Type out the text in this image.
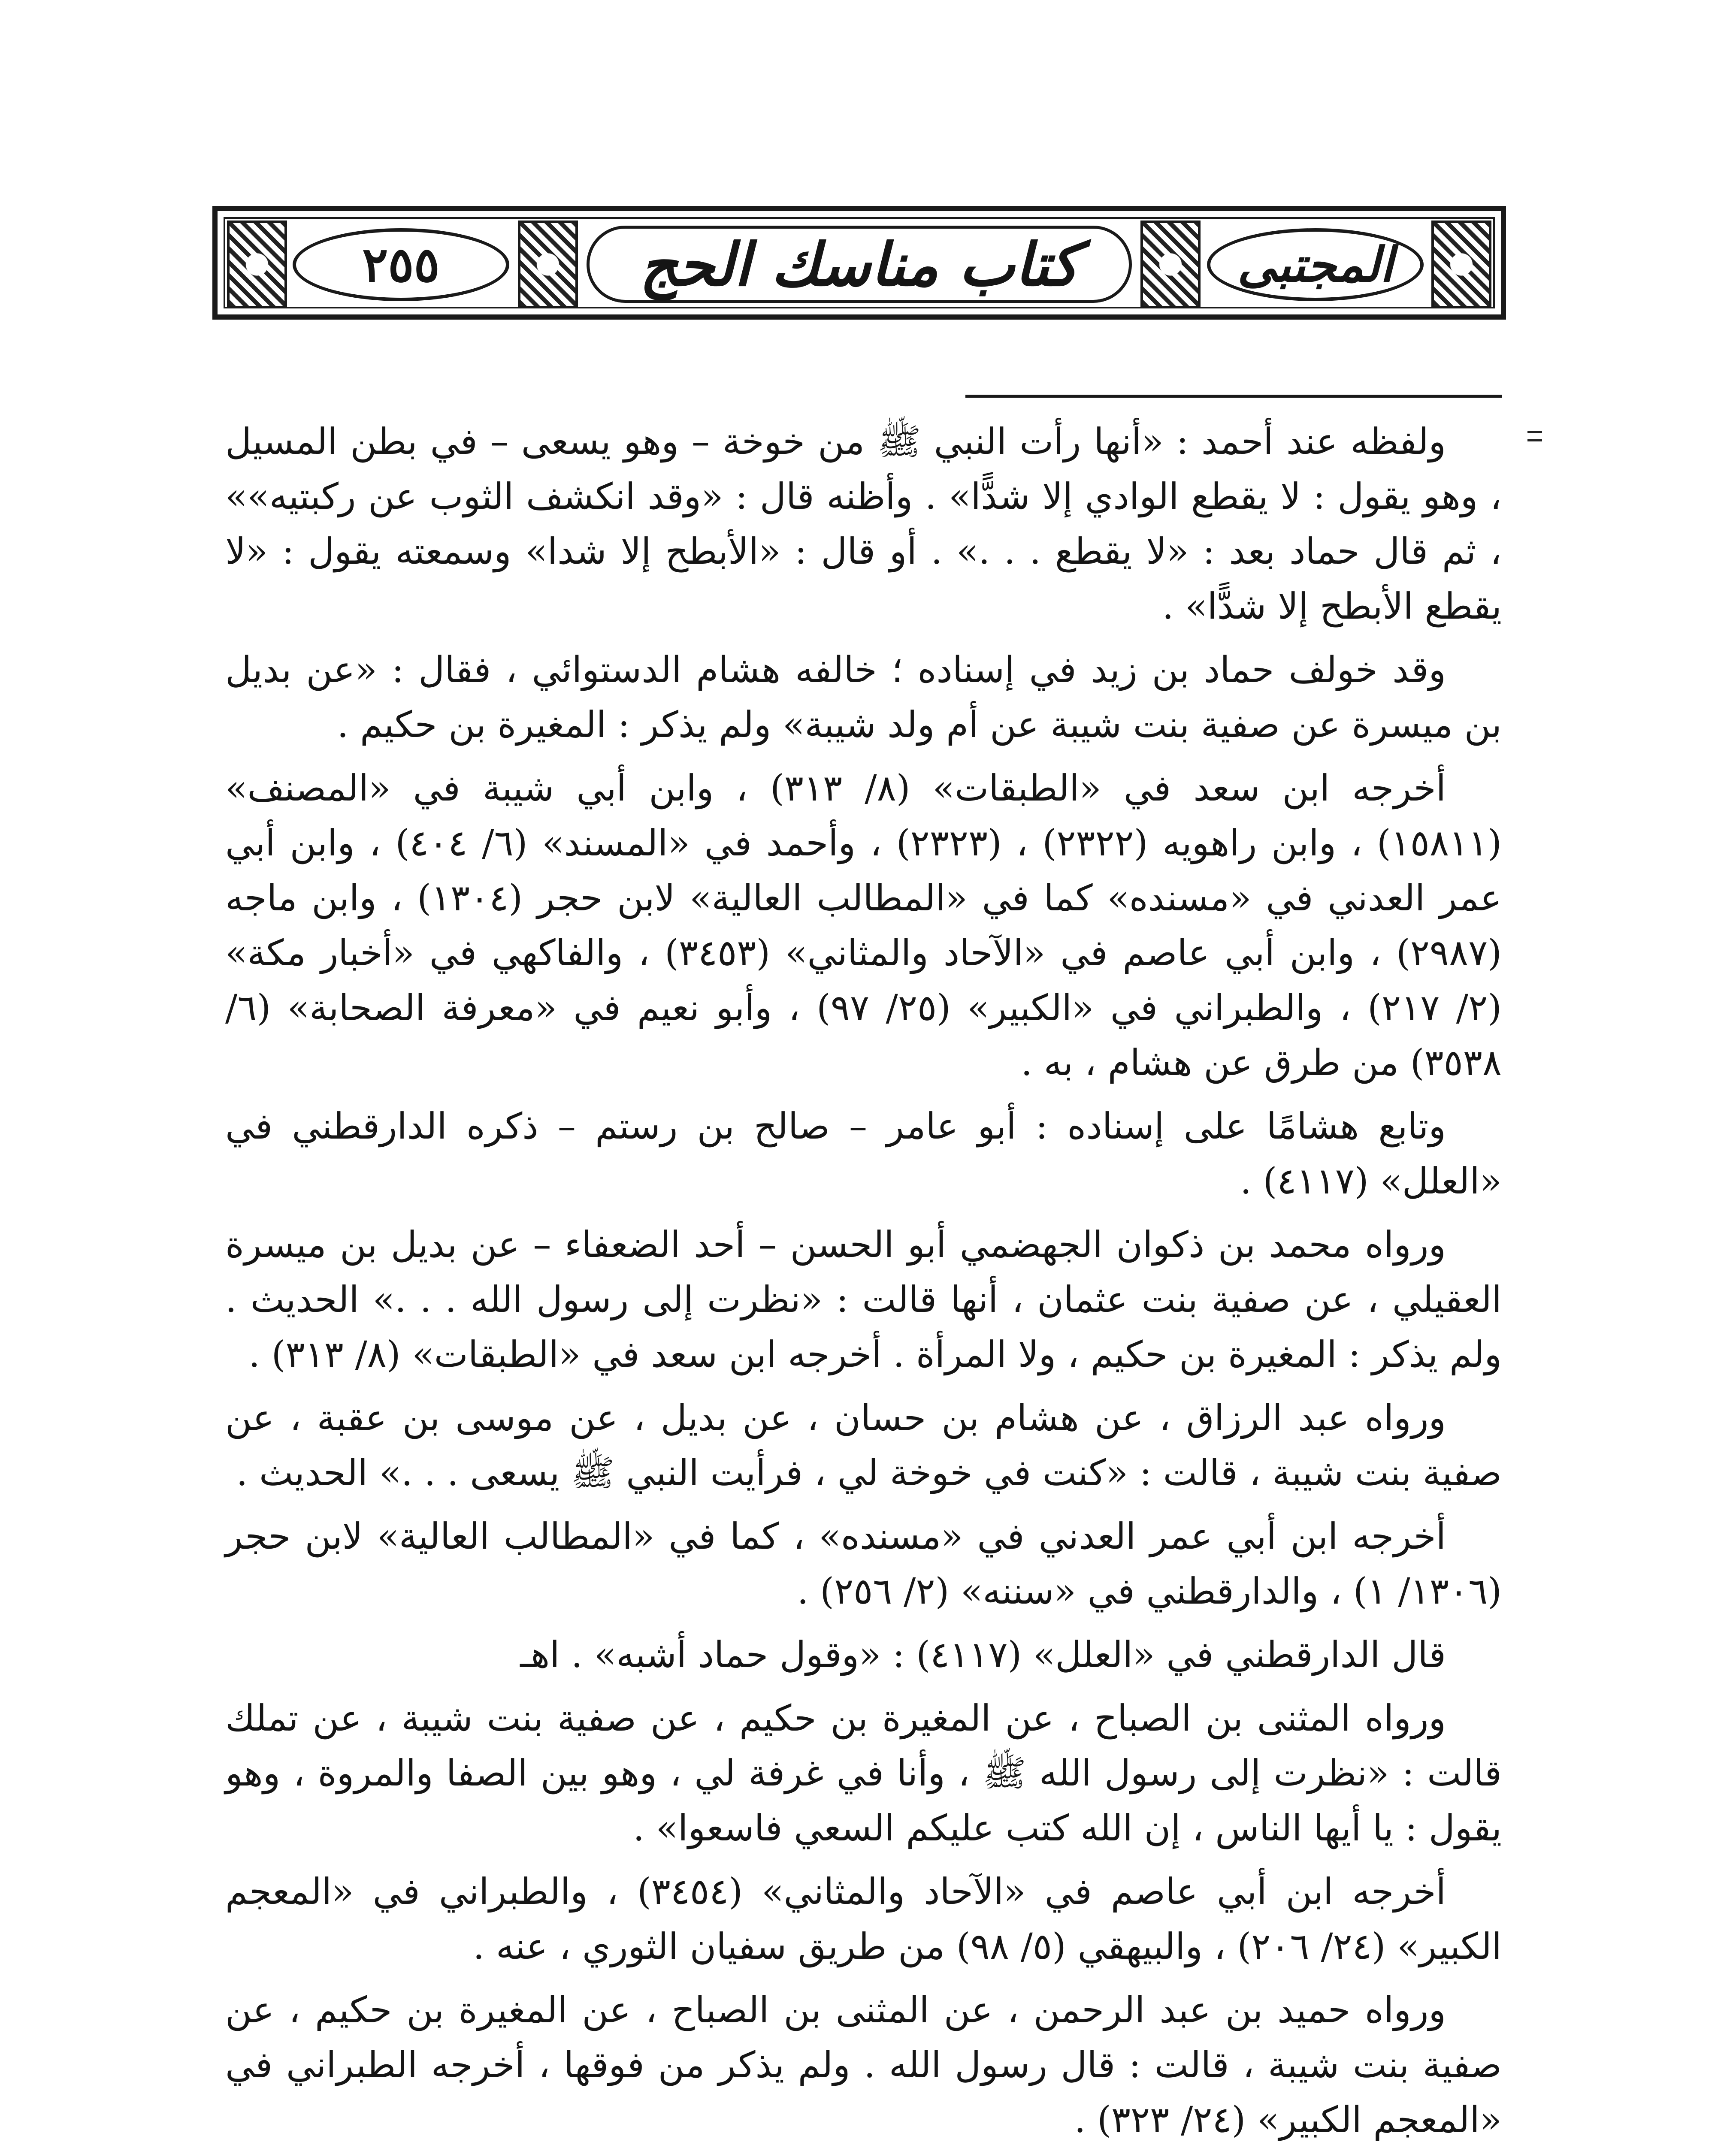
٢٥٥	كتاب مناسك الحج	المجتبى

ولفظه عند أحمد : «أنها رأت النبي ﷺ من خوخة – وهو يسعى – في بطن المسيل ، وهو يقول : لا يقطع الوادي إلا شدًّا» . وأظنه قال : «وقد انكشف الثوب عن ركبتيه»» ، ثم قال حماد بعد : «لا يقطع . . .» . أو قال : «الأبطح إلا شدا» وسمعته يقول : «لا يقطع الأبطح إلا شدًّا» .

وقد خولف حماد بن زيد في إسناده ؛ خالفه هشام الدستوائي ، فقال : «عن بديل بن ميسرة عن صفية بنت شيبة عن أم ولد شيبة» ولم يذكر : المغيرة بن حكيم .

أخرجه ابن سعد في «الطبقات» (٨/ ٣١٣) ، وابن أبي شيبة في «المصنف» (١٥٨١١) ، وابن راهويه (٢٣٢٢) ، (٢٣٢٣) ، وأحمد في «المسند» (٦/ ٤٠٤) ، وابن أبي عمر العدني في «مسنده» كما في «المطالب العالية» لابن حجر (١٣٠٤) ، وابن ماجه (٢٩٨٧) ، وابن أبي عاصم في «الآحاد والمثاني» (٣٤٥٣) ، والفاكهي في «أخبار مكة» (٢/ ٢١٧) ، والطبراني في «الكبير» (٢٥/ ٩٧) ، وأبو نعيم في «معرفة الصحابة» (٦/ ٣٥٣٨) من طرق عن هشام ، به .

وتابع هشامًا على إسناده : أبو عامر – صالح بن رستم – ذكره الدارقطني في «العلل» (٤١١٧) .

ورواه محمد بن ذكوان الجهضمي أبو الحسن – أحد الضعفاء – عن بديل بن ميسرة العقيلي ، عن صفية بنت عثمان ، أنها قالت : «نظرت إلى رسول الله . . .» الحديث . ولم يذكر : المغيرة بن حكيم ، ولا المرأة . أخرجه ابن سعد في «الطبقات» (٨/ ٣١٣) .

ورواه عبد الرزاق ، عن هشام بن حسان ، عن بديل ، عن موسى بن عقبة ، عن صفية بنت شيبة ، قالت : «كنت في خوخة لي ، فرأيت النبي ﷺ يسعى . . .» الحديث .

أخرجه ابن أبي عمر العدني في «مسنده» ، كما في «المطالب العالية» لابن حجر (١٣٠٦/ ١) ، والدارقطني في «سننه» (٢/ ٢٥٦) .

قال الدارقطني في «العلل» (٤١١٧) : «وقول حماد أشبه» . اهـ

ورواه المثنى بن الصباح ، عن المغيرة بن حكيم ، عن صفية بنت شيبة ، عن تملك قالت : «نظرت إلى رسول الله ﷺ ، وأنا في غرفة لي ، وهو بين الصفا والمروة ، وهو يقول : يا أيها الناس ، إن الله كتب عليكم السعي فاسعوا» .

أخرجه ابن أبي عاصم في «الآحاد والمثاني» (٣٤٥٤) ، والطبراني في «المعجم الكبير» (٢٤/ ٢٠٦) ، والبيهقي (٥/ ٩٨) من طريق سفيان الثوري ، عنه .

ورواه حميد بن عبد الرحمن ، عن المثنى بن الصباح ، عن المغيرة بن حكيم ، عن صفية بنت شيبة ، قالت : قال رسول الله . ولم يذكر من فوقها ، أخرجه الطبراني في «المعجم الكبير» (٢٤/ ٣٢٣) .
